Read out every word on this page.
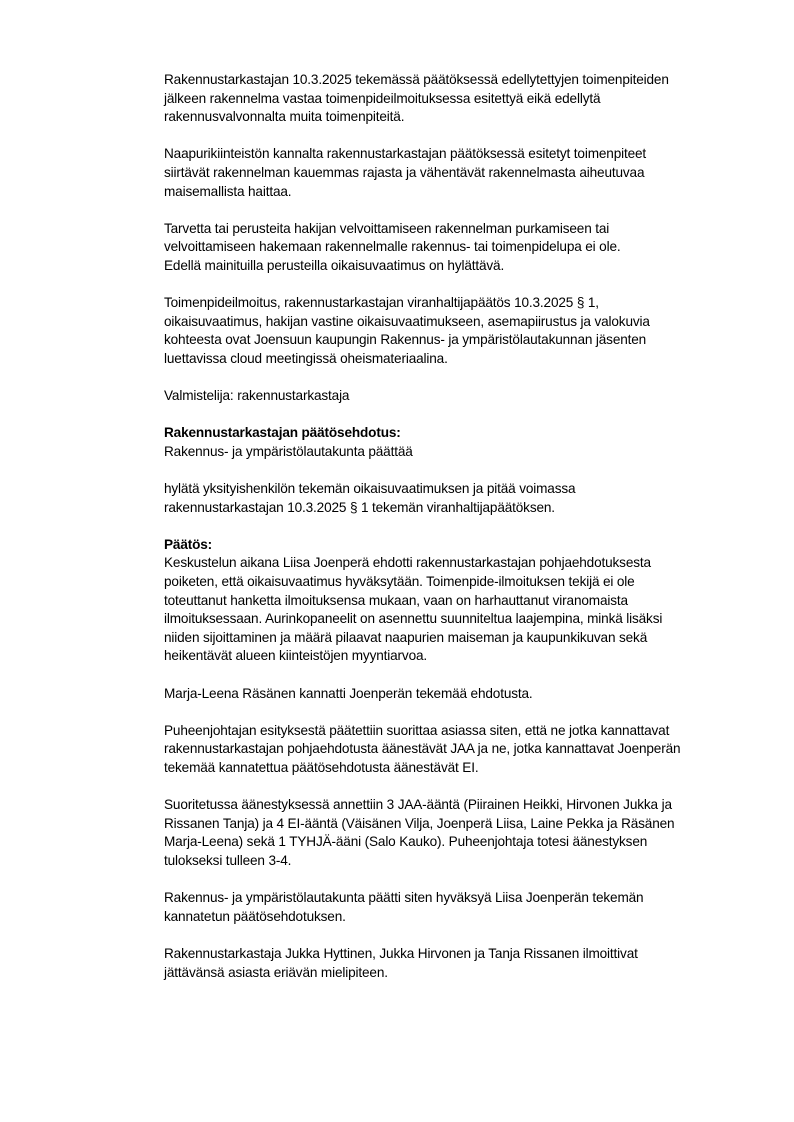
Rakennustarkastajan 10.3.2025 tekemässä päätöksessä edellytettyjen toimenpiteiden
jälkeen rakennelma vastaa toimenpideilmoituksessa esitettyä eikä edellytä
rakennusvalvonnalta muita toimenpiteitä.

Naapurikiinteistön kannalta rakennustarkastajan päätöksessä esitetyt toimenpiteet
siirtävät rakennelman kauemmas rajasta ja vähentävät rakennelmasta aiheutuvaa
maisemallista haittaa.

Tarvetta tai perusteita hakijan velvoittamiseen rakennelman purkamiseen tai
velvoittamiseen hakemaan rakennelmalle rakennus- tai toimenpidelupa ei ole.
Edellä mainituilla perusteilla oikaisuvaatimus on hylättävä.

Toimenpideilmoitus, rakennustarkastajan viranhaltijapäätös 10.3.2025 § 1,
oikaisuvaatimus, hakijan vastine oikaisuvaatimukseen, asemapiirustus ja valokuvia
kohteesta ovat Joensuun kaupungin Rakennus- ja ympäristölautakunnan jäsenten
luettavissa cloud meetingissä oheismateriaalina.

Valmistelija: rakennustarkastaja

Rakennustarkastajan päätösehdotus:
Rakennus- ja ympäristölautakunta päättää

hylätä yksityishenkilön tekemän oikaisuvaatimuksen ja pitää voimassa
rakennustarkastajan 10.3.2025 § 1 tekemän viranhaltijapäätöksen.

Päätös:
Keskustelun aikana Liisa Joenperä ehdotti rakennustarkastajan pohjaehdotuksesta
poiketen, että oikaisuvaatimus hyväksytään. Toimenpide-ilmoituksen tekijä ei ole
toteuttanut hanketta ilmoituksensa mukaan, vaan on harhauttanut viranomaista
ilmoituksessaan. Aurinkopaneelit on asennettu suunniteltua laajempina, minkä lisäksi
niiden sijoittaminen ja määrä pilaavat naapurien maiseman ja kaupunkikuvan sekä
heikentävät alueen kiinteistöjen myyntiarvoa.

Marja-Leena Räsänen kannatti Joenperän tekemää ehdotusta.

Puheenjohtajan esityksestä päätettiin suorittaa asiassa siten, että ne jotka kannattavat
rakennustarkastajan pohjaehdotusta äänestävät JAA ja ne, jotka kannattavat Joenperän
tekemää kannatettua päätösehdotusta äänestävät EI.

Suoritetussa äänestyksessä annettiin 3 JAA-ääntä (Piirainen Heikki, Hirvonen Jukka ja
Rissanen Tanja) ja 4 EI-ääntä (Väisänen Vilja, Joenperä Liisa, Laine Pekka ja Räsänen
Marja-Leena) sekä 1 TYHJÄ-ääni (Salo Kauko). Puheenjohtaja totesi äänestyksen
tulokseksi tulleen 3-4.

Rakennus- ja ympäristölautakunta päätti siten hyväksyä Liisa Joenperän tekemän
kannatetun päätösehdotuksen.

Rakennustarkastaja Jukka Hyttinen, Jukka Hirvonen ja Tanja Rissanen ilmoittivat
jättävänsä asiasta eriävän mielipiteen.
